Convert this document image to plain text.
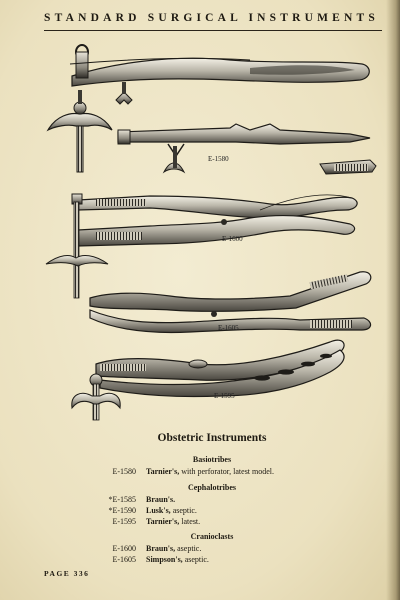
STANDARD SURGICAL INSTRUMENTS
E-1580
E-1600
E-1605
E-1595
Obstetric Instruments
Basiotribes
E-1580 Tarnier's, with perforator, latest model.
Cephalotribes
*E-1585 Braun's.
*E-1590 Lusk's, aseptic.
E-1595 Tarnier's, latest.
Cranioclasts
E-1600 Braun's, aseptic.
E-1605 Simpson's, aseptic.
PAGE 336
